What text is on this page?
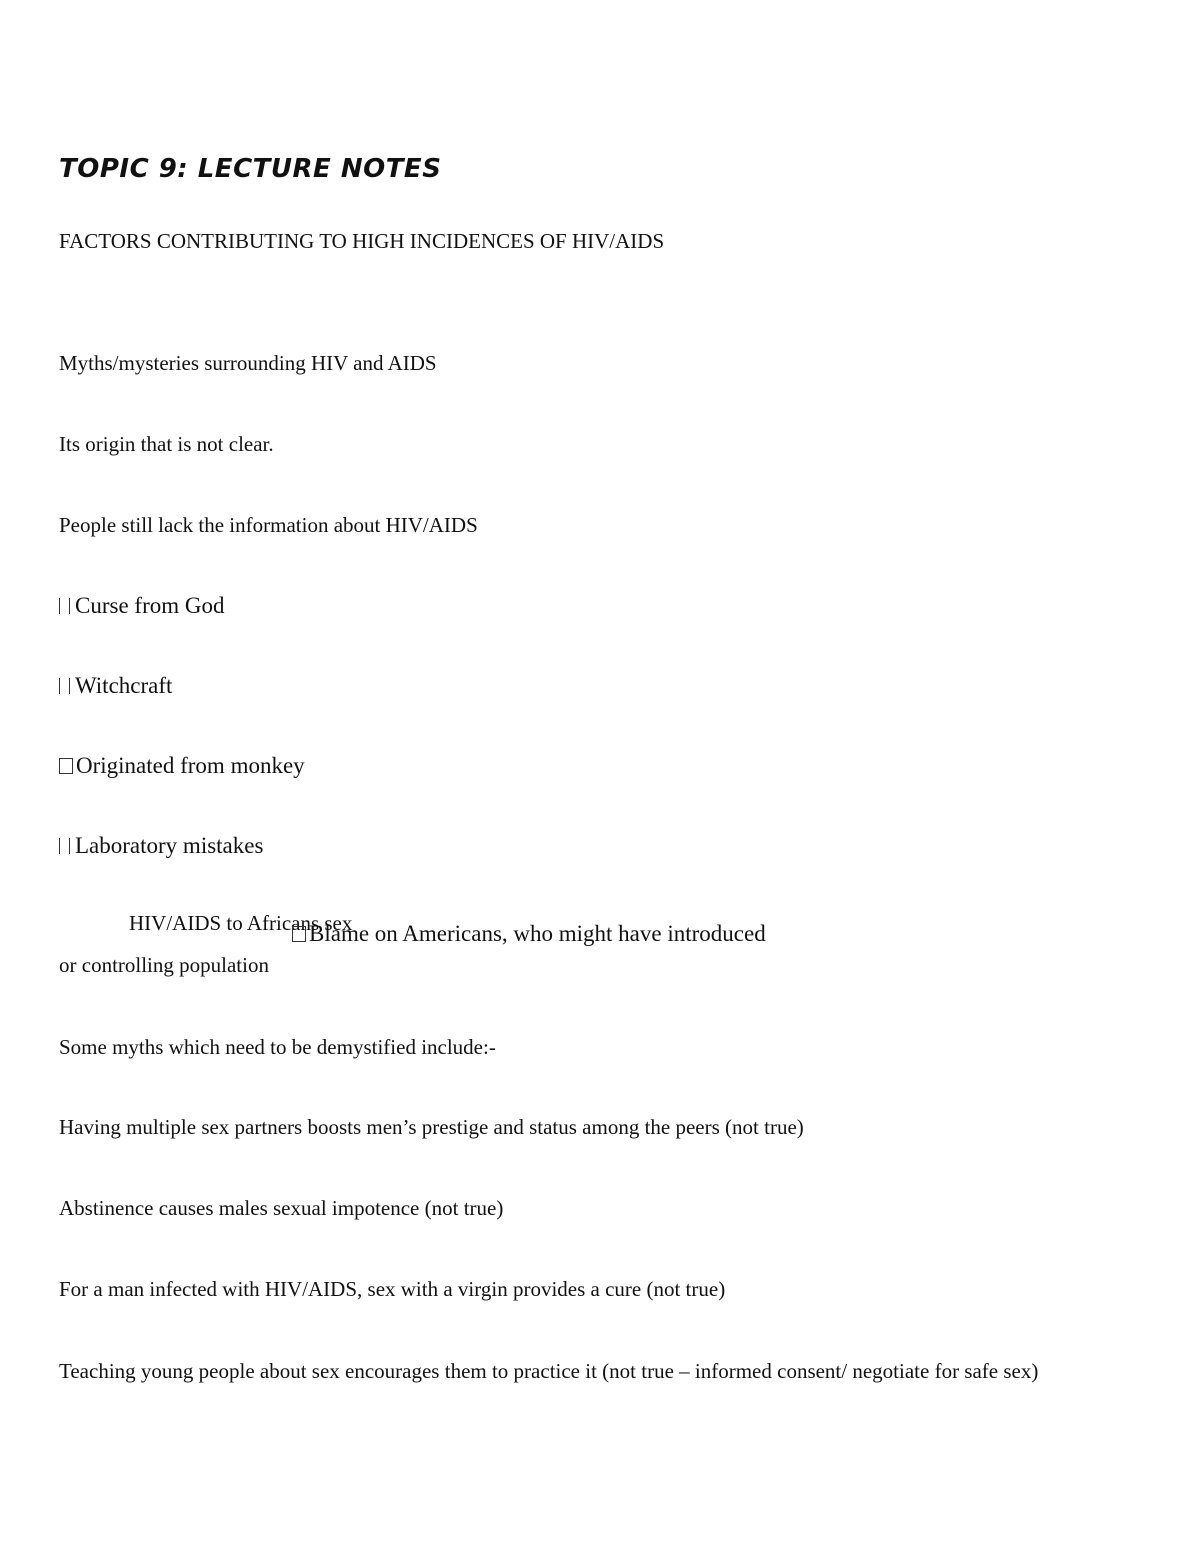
TOPIC 9: LECTURE NOTES

FACTORS CONTRIBUTING TO HIGH INCIDENCES OF HIV/AIDS

Myths/mysteries surrounding HIV and AIDS

Its origin that is not clear.

People still lack the information about HIV/AIDS

Curse from God

Witchcraft

Originated from monkey

Laboratory mistakes

HIV/AIDS to Africans sex

Blame on Americans, who might have introduced

or controlling population

Some myths which need to be demystified include:-

Having multiple sex partners boosts men’s prestige and status among the peers (not true)

Abstinence causes males sexual impotence (not true)

For a man infected with HIV/AIDS, sex with a virgin provides a cure (not true)

Teaching young people about sex encourages them to practice it (not true – informed consent/ negotiate for safe sex)
